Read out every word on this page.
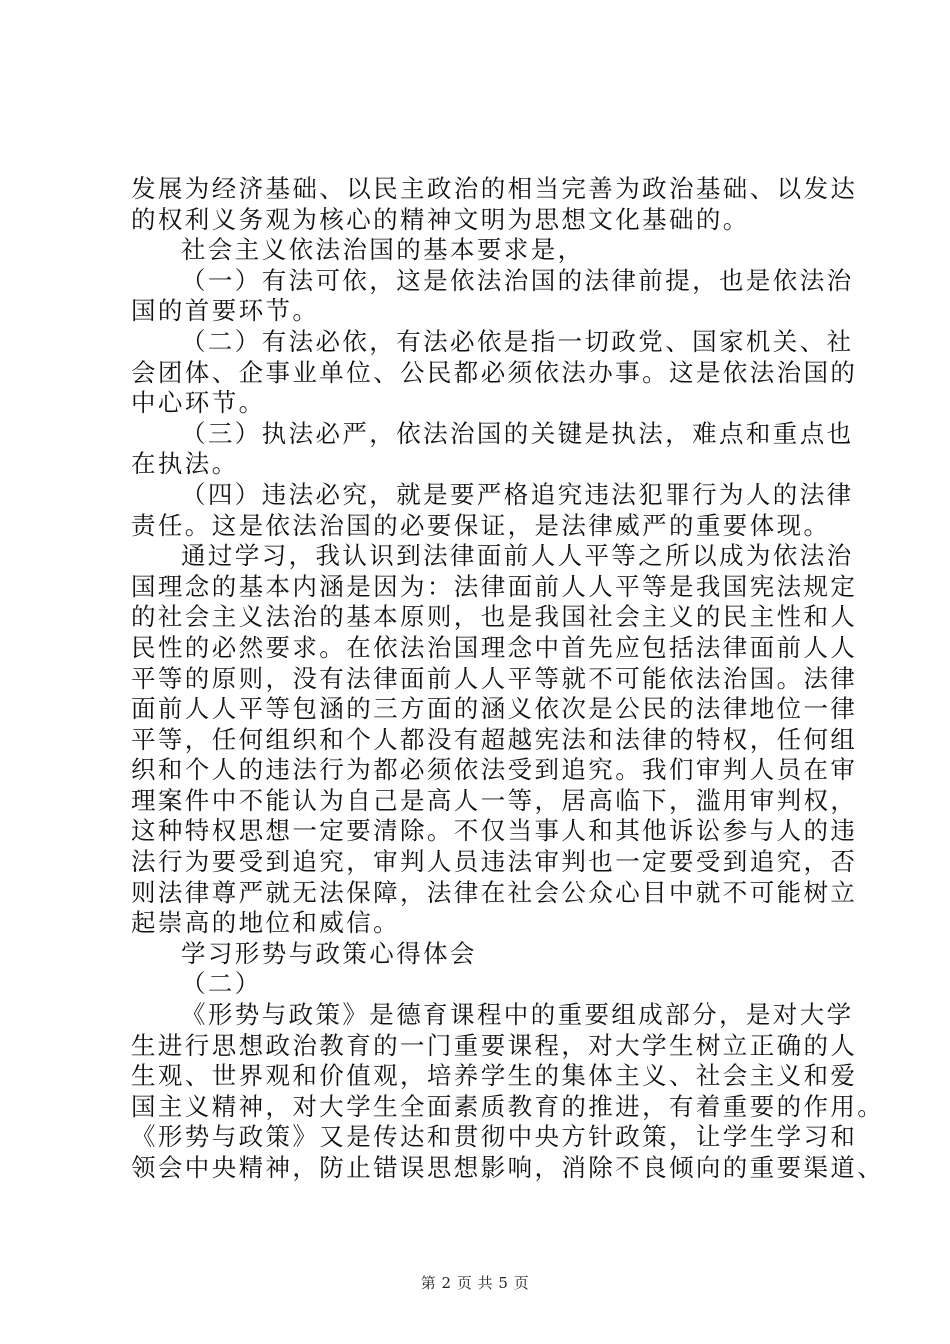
发展为经济基础、以民主政治的相当完善为政治基础、以发达
的权利义务观为核心的精神文明为思想文化基础的。
社会主义依法治国的基本要求是，
（一）有法可依，这是依法治国的法律前提，也是依法治
国的首要环节。
（二）有法必依，有法必依是指一切政党、国家机关、社
会团体、企事业单位、公民都必须依法办事。这是依法治国的
中心环节。
（三）执法必严，依法治国的关键是执法，难点和重点也
在执法。
（四）违法必究，就是要严格追究违法犯罪行为人的法律
责任。这是依法治国的必要保证，是法律威严的重要体现。
通过学习，我认识到法律面前人人平等之所以成为依法治
国理念的基本内涵是因为：法律面前人人平等是我国宪法规定
的社会主义法治的基本原则，也是我国社会主义的民主性和人
民性的必然要求。在依法治国理念中首先应包括法律面前人人
平等的原则，没有法律面前人人平等就不可能依法治国。法律
面前人人平等包涵的三方面的涵义依次是公民的法律地位一律
平等，任何组织和个人都没有超越宪法和法律的特权，任何组
织和个人的违法行为都必须依法受到追究。我们审判人员在审
理案件中不能认为自己是高人一等，居高临下，滥用审判权，
这种特权思想一定要清除。不仅当事人和其他诉讼参与人的违
法行为要受到追究，审判人员违法审判也一定要受到追究，否
则法律尊严就无法保障，法律在社会公众心目中就不可能树立
起崇高的地位和威信。
学习形势与政策心得体会
（二）
《形势与政策》是德育课程中的重要组成部分，是对大学
生进行思想政治教育的一门重要课程，对大学生树立正确的人
生观、世界观和价值观，培养学生的集体主义、社会主义和爱
国主义精神，对大学生全面素质教育的推进，有着重要的作用。
《形势与政策》又是传达和贯彻中央方针政策，让学生学习和
领会中央精神，防止错误思想影响，消除不良倾向的重要渠道、
第 2 页 共 5 页
